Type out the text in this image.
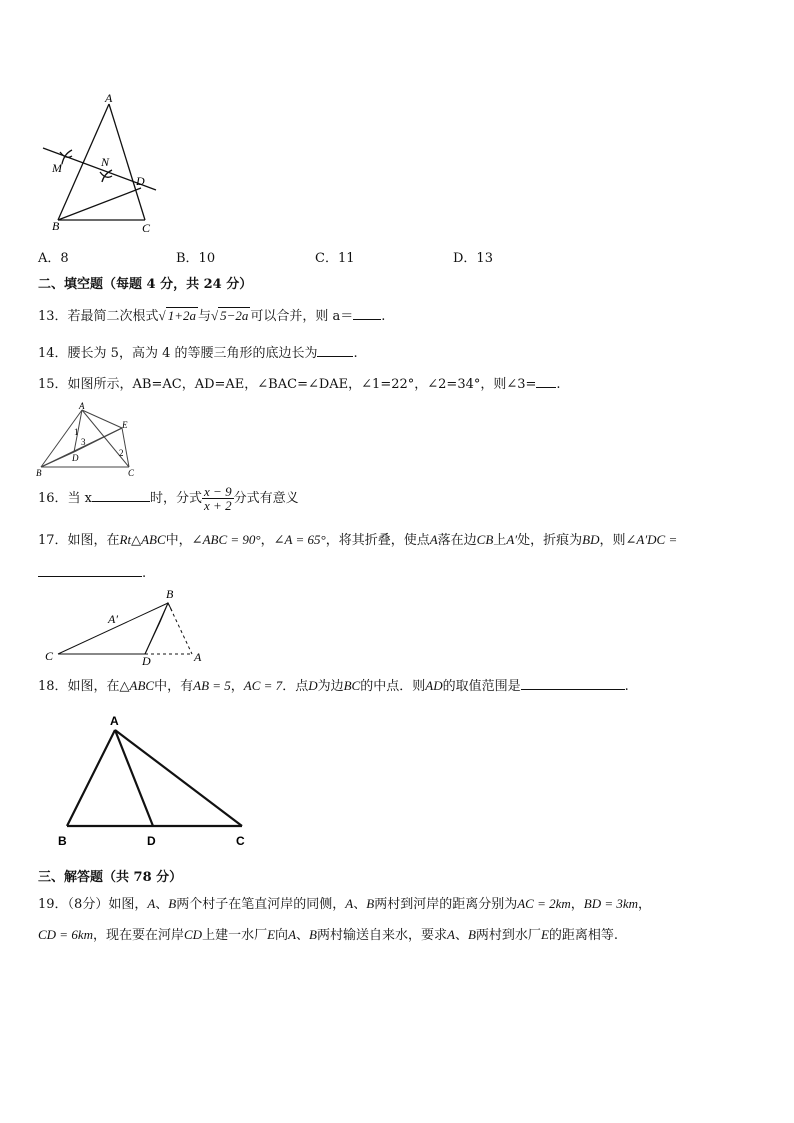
A
M	N
D
B	C
A．8	B．10	C．11	D．13
二、填空题（每题 4 分，共 24 分）
13．若最简二次根式√ 1+2a 与√ 5−2a 可以合并，则 a＝ .
14．腰长为 5，高为 4 的等腰三角形的底边长为	.
15．如图所示，AB=AC，AD=AE，∠BAC=∠DAE，∠1=22°，∠2=34°，则∠3= .
A
E
1
3
D	2
B	C
16．当 x	时，分式 $\frac{x - 9}{x + 2}$ 分式有意义
17．如图，在Rt△ABC中，∠ABC = 90°，∠A = 65°，将其折叠，使点A落在边CB上A′处，折痕为BD，则∠A′DC =
.
B
A′
C	D	A
18．如图，在△ABC中，有AB = 5，AC = 7．点D为边BC的中点．则AD的取值范围是	.
A
B	D	C
三、解答题（共 78 分）
19．（8分）如图，A、B两个村子在笔直河岸的同侧，A、B两村到河岸的距离分别为AC = 2km，BD = 3km，
CD = 6km，现在要在河岸CD上建一水厂E向A、B两村输送自来水，要求A、B两村到水厂E的距离相等.
